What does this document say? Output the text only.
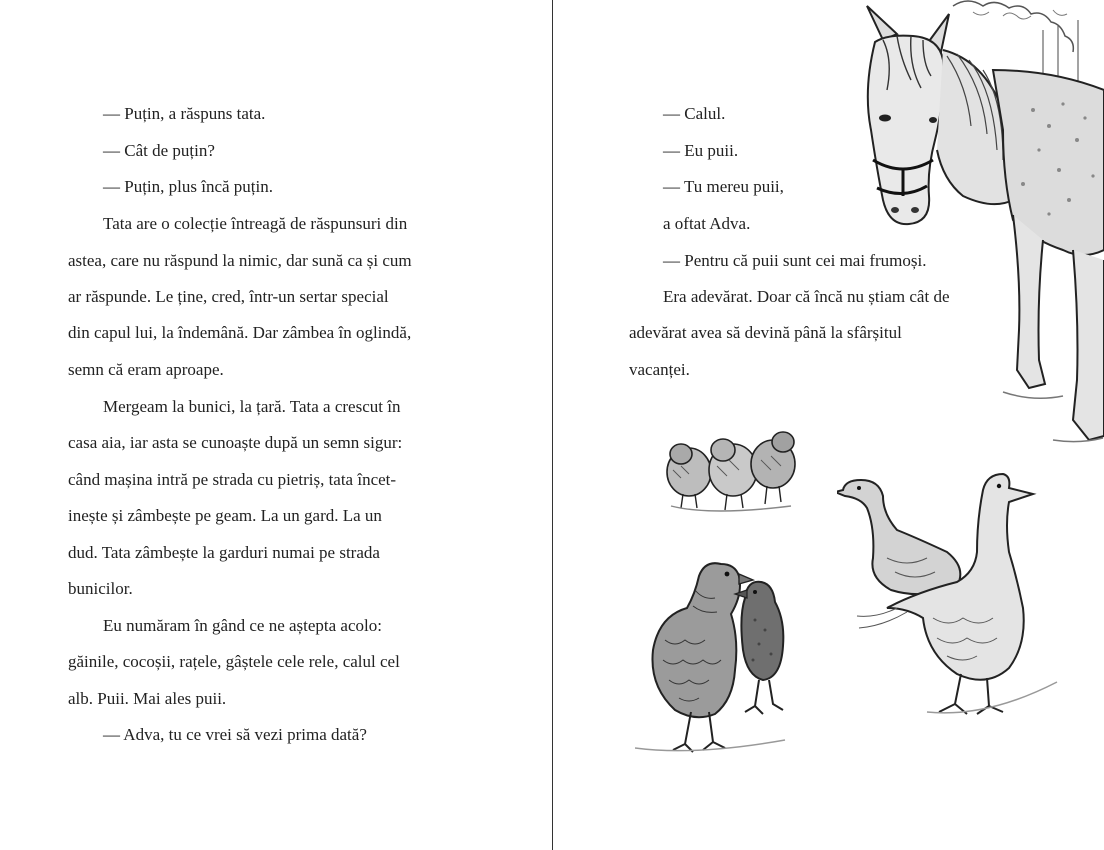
— Puțin, a răspuns tata.
— Cât de puțin?
— Puțin, plus încă puțin.
Tata are o colecție întreagă de răspunsuri din
astea, care nu răspund la nimic, dar sună ca și cum
ar răspunde. Le ține, cred, într-un sertar special
din capul lui, la îndemână. Dar zâmbea în oglindă,
semn că eram aproape.
Mergeam la bunici, la țară. Tata a crescut în
casa aia, iar asta se cunoaște după un semn sigur:
când mașina intră pe strada cu pietriș, tata încet-
inește și zâmbește pe geam. La un gard. La un
dud. Tata zâmbește la garduri numai pe strada
bunicilor.
Eu număram în gând ce ne aștepta acolo:
găinile, cocoșii, rațele, gâștele cele rele, calul cel
alb. Puii. Mai ales puii.
— Adva, tu ce vrei să vezi prima dată?
— Calul.
— Eu puii.
— Tu mereu puii,
a oftat Adva.
— Pentru că puii sunt cei mai frumoși.
Era adevărat. Doar că încă nu știam cât de
adevărat avea să devină până la sfârșitul
vacanței.
